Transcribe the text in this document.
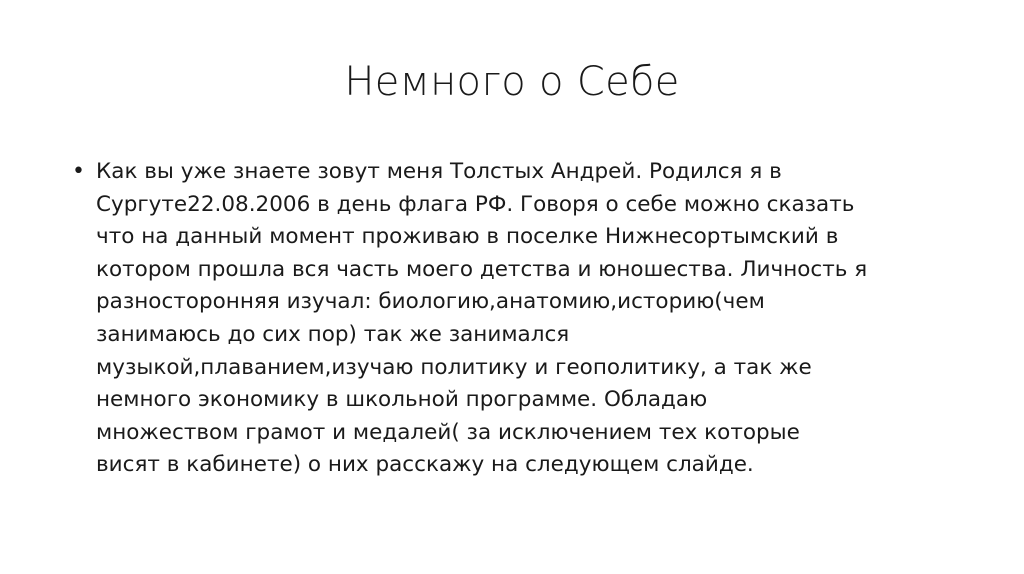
Немного о Себе
• Как вы уже знаете зовут меня Толстых Андрей. Родился я в
Сургуте22.08.2006 в день флага РФ. Говоря о себе можно сказать
что на данный момент проживаю в поселке Нижнесортымский в
котором прошла вся часть моего детства и юношества. Личность я
разносторонняя изучал: биологию,анатомию,историю(чем
занимаюсь до сих пор) так же занимался
музыкой,плаванием,изучаю политику и геополитику, а так же
немного экономику в школьной программе. Обладаю
множеством грамот и медалей( за исключением тех которые
висят в кабинете) о них расскажу на следующем слайде.
